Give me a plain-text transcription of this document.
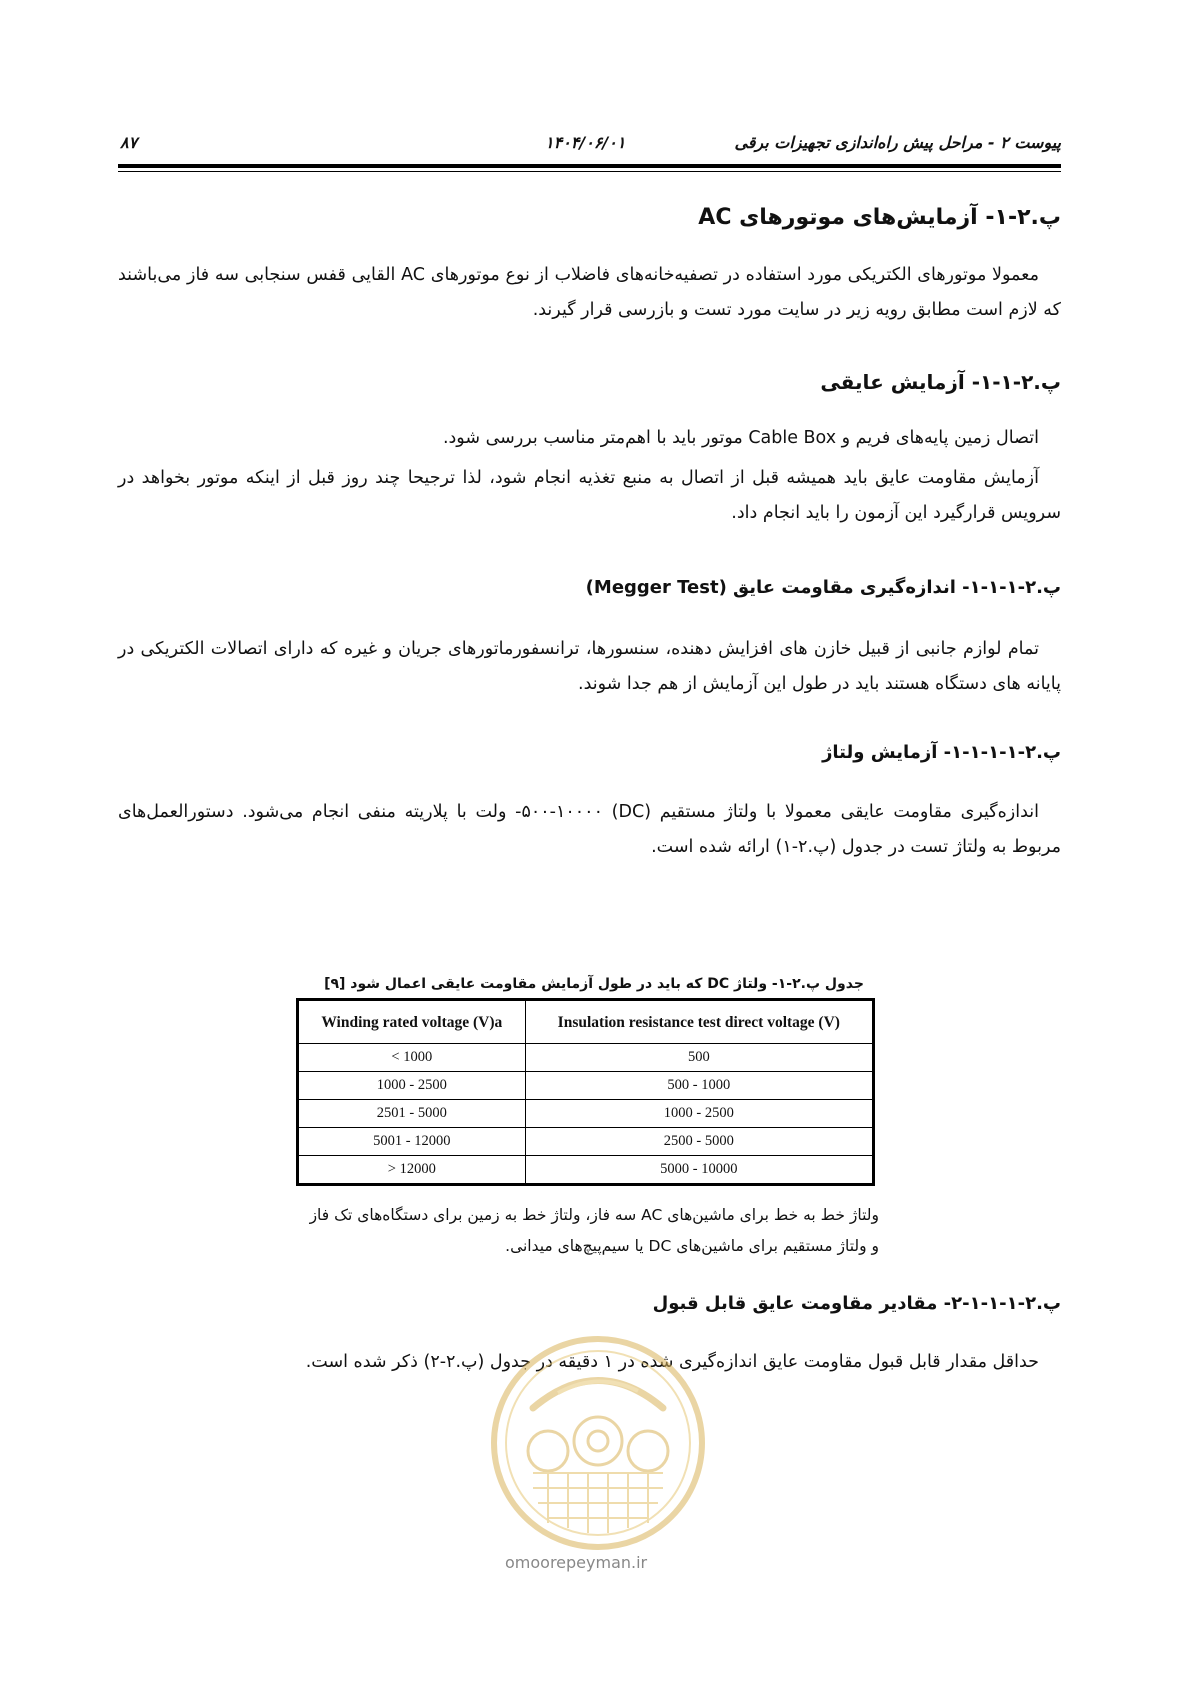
پیوست ۲ - مراحل پیش راه‌اندازی تجهیزات برقی
۱۴۰۴/۰۶/۰۱
۸۷
پ.۲-۱- آزمایش‌های موتورهای AC
معمولا موتورهای الکتریکی مورد استفاده در تصفیه‌خانه‌های فاضلاب از نوع موتورهای AC القایی قفس سنجابی سه فاز می‌باشند که لازم است مطابق رویه زیر در سایت مورد تست و بازرسی قرار گیرند.
پ.۲-۱-۱- آزمایش عایقی
اتصال زمین پایه‌های فریم و Cable Box موتور باید با اهم‌متر مناسب بررسی شود.
آزمایش مقاومت عایق باید همیشه قبل از اتصال به منبع تغذیه انجام شود، لذا ترجیحا چند روز قبل از اینکه موتور بخواهد در سرویس قرارگیرد این آزمون را باید انجام داد.
پ.۲-۱-۱-۱- اندازه‌گیری مقاومت عایق (Megger Test)
تمام لوازم جانبی از قبیل خازن های افزایش دهنده، سنسورها، ترانسفورماتورهای جریان و غیره که دارای اتصالات الکتریکی در پایانه های دستگاه هستند باید در طول این آزمایش از هم جدا شوند.
پ.۲-۱-۱-۱-۱- آزمایش ولتاژ
اندازه‌گیری مقاومت عایقی معمولا با ولتاژ مستقیم (DC) ۵۰۰-۱۰۰۰۰- ولت با پلاریته منفی انجام می‌شود. دستورالعمل‌های مربوط به ولتاژ تست در جدول (پ.۲-۱) ارائه شده است.
جدول پ.۲-۱- ولتاژ DC که باید در طول آزمایش مقاومت عایقی اعمال شود [۹]
Winding rated voltage (V)a	Insulation resistance test direct voltage (V)
< 1000	500
1000 - 2500	500 - 1000
2501 - 5000	1000 - 2500
5001 - 12000	2500 - 5000
> 12000	5000 - 10000
ولتاژ خط به خط برای ماشین‌های AC سه فاز، ولتاژ خط به زمین برای دستگاه‌های تک فاز
و ولتاژ مستقیم برای ماشین‌های DC یا سیم‌پیچ‌های میدانی.
پ.۲-۱-۱-۱-۲- مقادیر مقاومت عایق قابل قبول
حداقل مقدار قابل قبول مقاومت عایق اندازه‌گیری شده در ۱ دقیقه در جدول (پ.۲-۲) ذکر شده است.
omoorepeyman.ir
